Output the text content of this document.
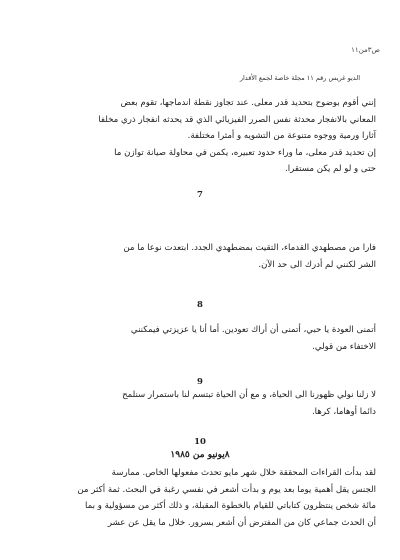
ص٣من١١
الديو غريس رقم ١١ مجلة خاصة لجمع الأقدار

إنني أقوم بوضوح بتحديد قدر معلى. عند تجاوز نقطة اندماجها، تقوم بعض

المعاني بالانفجار محدثة نفس الصرر الفيزيائي الذي قد يحدثه انفجار ذري مخلفا

آثارا ورمية ووجوه متنوعة من التشويه و أمثرا مختلفة.

إن تحديد قدر معلى، ما وراء حدود تعبيره، يكمن في محاولة صيانة توازن ما

حتى و لو لم يكن مستقرا.

7

فارا من مصطهدي القدماء، التقيت بمضطهدي الجدد. ابتعدت نوعا ما من

الشر لكنني لم أدرك الى حد الآن.

8

أتمنى العودة يا حبي، أتمنى أن أراك تعودين. أما أنا يا عزيزتي فيمكنني

الاختفاء من قولي.

9

لا زلنا نولي ظهورنا الى الحياة، و مع أن الحياة تبتسم لنا باستمرار سنلمح

دائما أوهاما، كرها.

10
٨يونيو من ١٩٨٥

لقد بدأت القراءات المحققة خلال شهر مايو تحدث مفعولها الخاص. ممارسة

الجنس يقل أهمية يوما بعد يوم و بدأت أشعر في نفسي رغبة في البحث. ثمة أكثر من

مائة شخص ينتظرون كتاباتي للقيام بالخطوة المقبلة، و ذلك أكثر من مسؤولية و بما

أن الحدث جماعي كان من المفترض أن أشعر بسرور. خلال ما يقل عن عشر
